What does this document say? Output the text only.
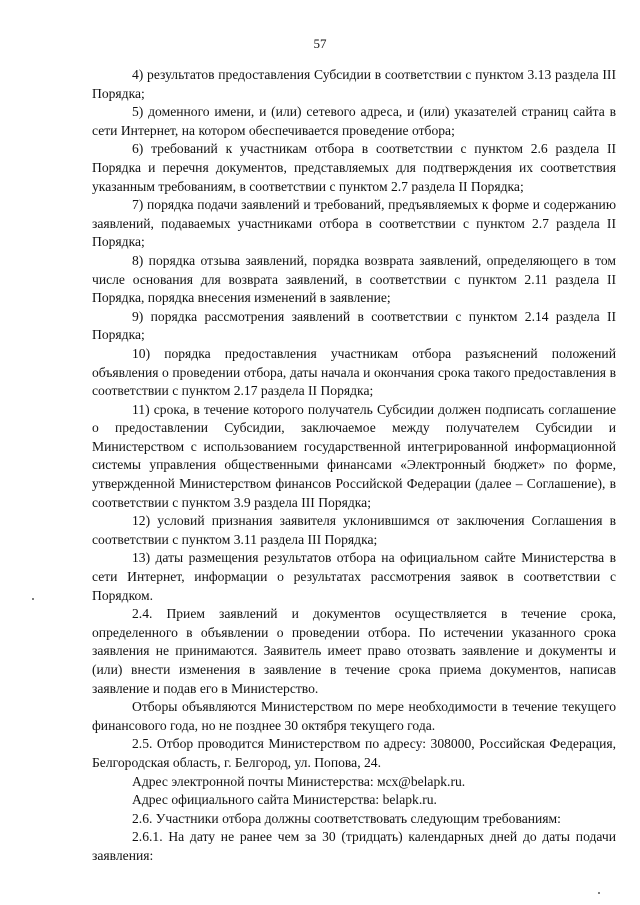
57

4) результатов предоставления Субсидии в соответствии с пунктом 3.13 раздела III Порядка;

5) доменного имени, и (или) сетевого адреса, и (или) указателей страниц сайта в сети Интернет, на котором обеспечивается проведение отбора;

6) требований к участникам отбора в соответствии с пунктом 2.6 раздела II Порядка и перечня документов, представляемых для подтверждения их соответствия указанным требованиям, в соответствии с пунктом 2.7 раздела II Порядка;

7) порядка подачи заявлений и требований, предъявляемых к форме и содержанию заявлений, подаваемых участниками отбора в соответствии с пунктом 2.7 раздела II Порядка;

8) порядка отзыва заявлений, порядка возврата заявлений, определяющего в том числе основания для возврата заявлений, в соответствии с пунктом 2.11 раздела II Порядка, порядка внесения изменений в заявление;

9) порядка рассмотрения заявлений в соответствии с пунктом 2.14 раздела II Порядка;

10) порядка предоставления участникам отбора разъяснений положений объявления о проведении отбора, даты начала и окончания срока такого предоставления в соответствии с пунктом 2.17 раздела II Порядка;

11) срока, в течение которого получатель Субсидии должен подписать соглашение о предоставлении Субсидии, заключаемое между получателем Субсидии и Министерством с использованием государственной интегрированной информационной системы управления общественными финансами «Электронный бюджет» по форме, утвержденной Министерством финансов Российской Федерации (далее – Соглашение), в соответствии с пунктом 3.9 раздела III Порядка;

12) условий признания заявителя уклонившимся от заключения Соглашения в соответствии с пунктом 3.11 раздела III Порядка;

13) даты размещения результатов отбора на официальном сайте Министерства в сети Интернет, информации о результатах рассмотрения заявок в соответствии с Порядком.

2.4. Прием заявлений и документов осуществляется в течение срока, определенного в объявлении о проведении отбора. По истечении указанного срока заявления не принимаются. Заявитель имеет право отозвать заявление и документы и (или) внести изменения в заявление в течение срока приема документов, написав заявление и подав его в Министерство.

Отборы объявляются Министерством по мере необходимости в течение текущего финансового года, но не позднее 30 октября текущего года.

2.5. Отбор проводится Министерством по адресу: 308000, Российская Федерация, Белгородская область, г. Белгород, ул. Попова, 24.

Адрес электронной почты Министерства: мсх@belapk.ru.

Адрес официального сайта Министерства: belapk.ru.

2.6. Участники отбора должны соответствовать следующим требованиям:

2.6.1. На дату не ранее чем за 30 (тридцать) календарных дней до даты подачи заявления:
